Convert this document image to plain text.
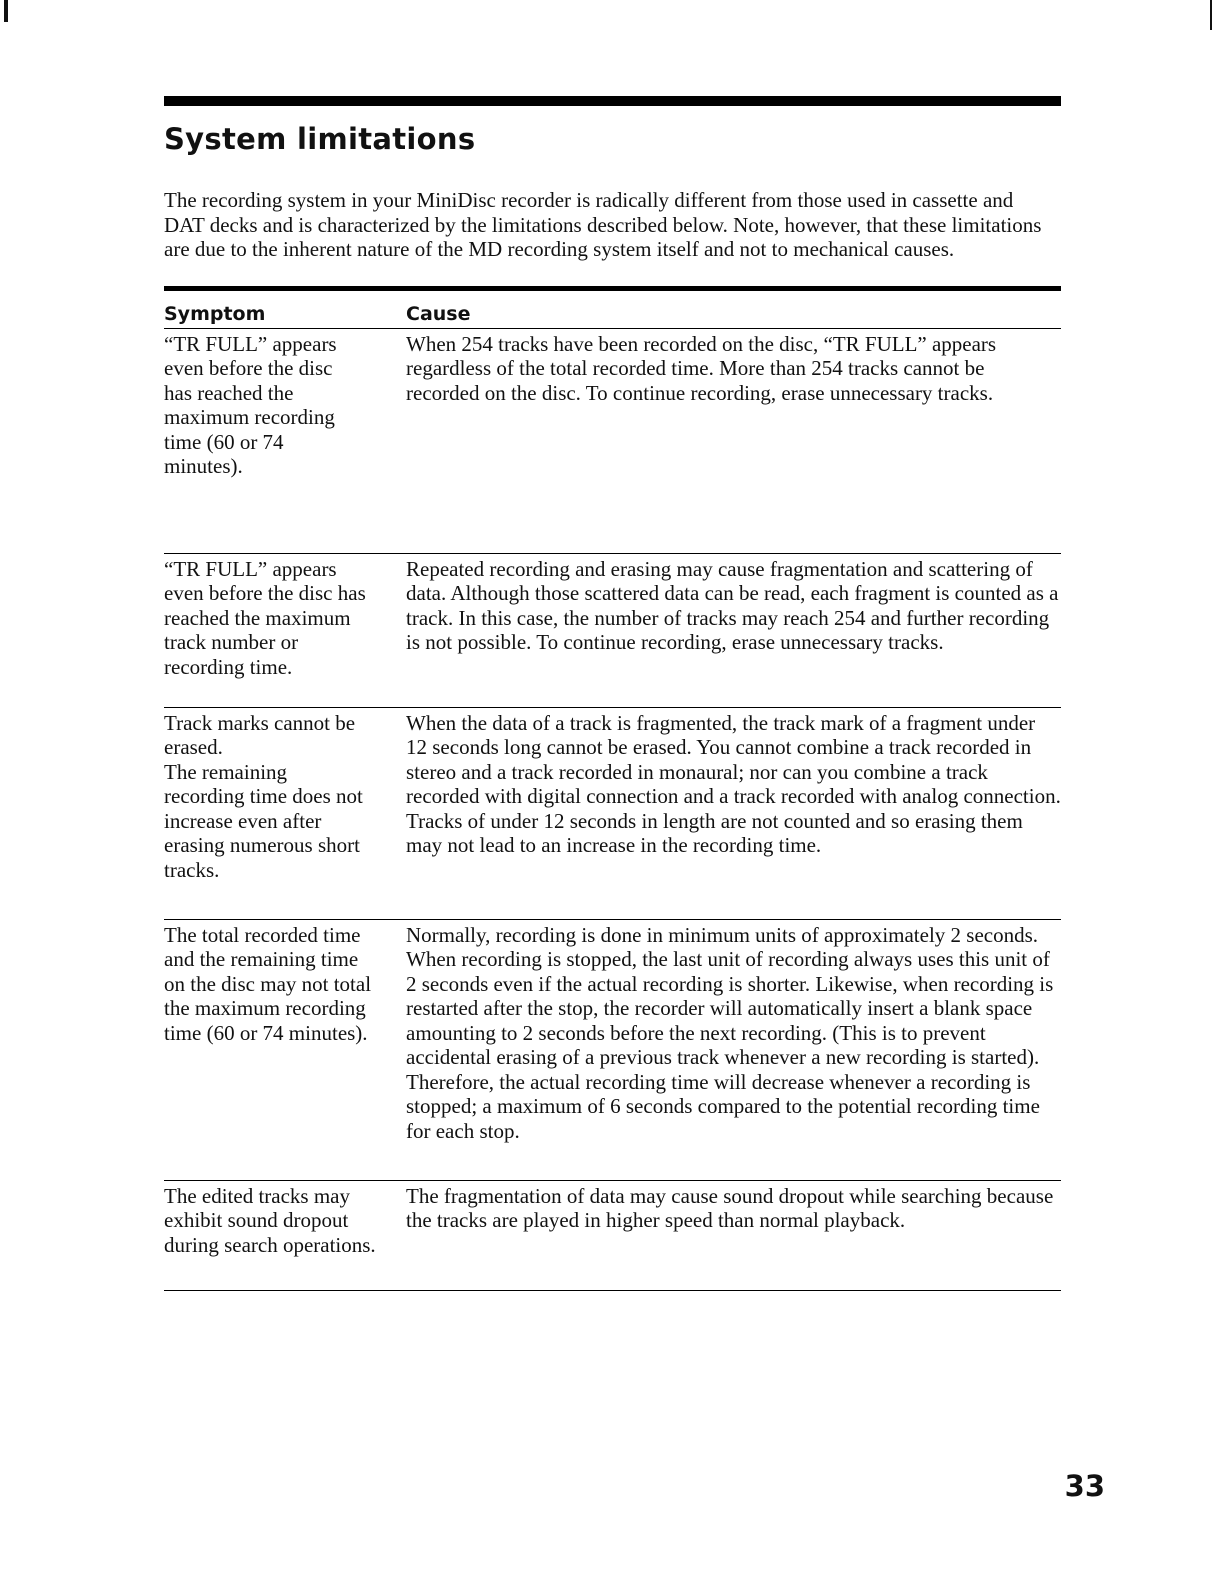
System limitations

The recording system in your MiniDisc recorder is radically different from those used in cassette and DAT decks and is characterized by the limitations described below. Note, however, that these limitations are due to the inherent nature of the MD recording system itself and not to mechanical causes.

Symptom	Cause
“TR FULL” appears even before the disc has reached the maximum recording time (60 or 74 minutes).
When 254 tracks have been recorded on the disc, “TR FULL” appears regardless of the total recorded time. More than 254 tracks cannot be recorded on the disc. To continue recording, erase unnecessary tracks.
“TR FULL” appears even before the disc has reached the maximum track number or recording time.
Repeated recording and erasing may cause fragmentation and scattering of data. Although those scattered data can be read, each fragment is counted as a track. In this case, the number of tracks may reach 254 and further recording is not possible. To continue recording, erase unnecessary tracks.
Track marks cannot be erased.
The remaining recording time does not increase even after erasing numerous short tracks.
When the data of a track is fragmented, the track mark of a fragment under 12 seconds long cannot be erased. You cannot combine a track recorded in stereo and a track recorded in monaural; nor can you combine a track recorded with digital connection and a track recorded with analog connection.
Tracks of under 12 seconds in length are not counted and so erasing them may not lead to an increase in the recording time.
The total recorded time and the remaining time on the disc may not total the maximum recording time (60 or 74 minutes).
Normally, recording is done in minimum units of approximately 2 seconds. When recording is stopped, the last unit of recording always uses this unit of 2 seconds even if the actual recording is shorter. Likewise, when recording is restarted after the stop, the recorder will automatically insert a blank space amounting to 2 seconds before the next recording. (This is to prevent accidental erasing of a previous track whenever a new recording is started). Therefore, the actual recording time will decrease whenever a recording is stopped; a maximum of 6 seconds compared to the potential recording time for each stop.
The edited tracks may exhibit sound dropout during search operations.
The fragmentation of data may cause sound dropout while searching because the tracks are played in higher speed than normal playback.
33
